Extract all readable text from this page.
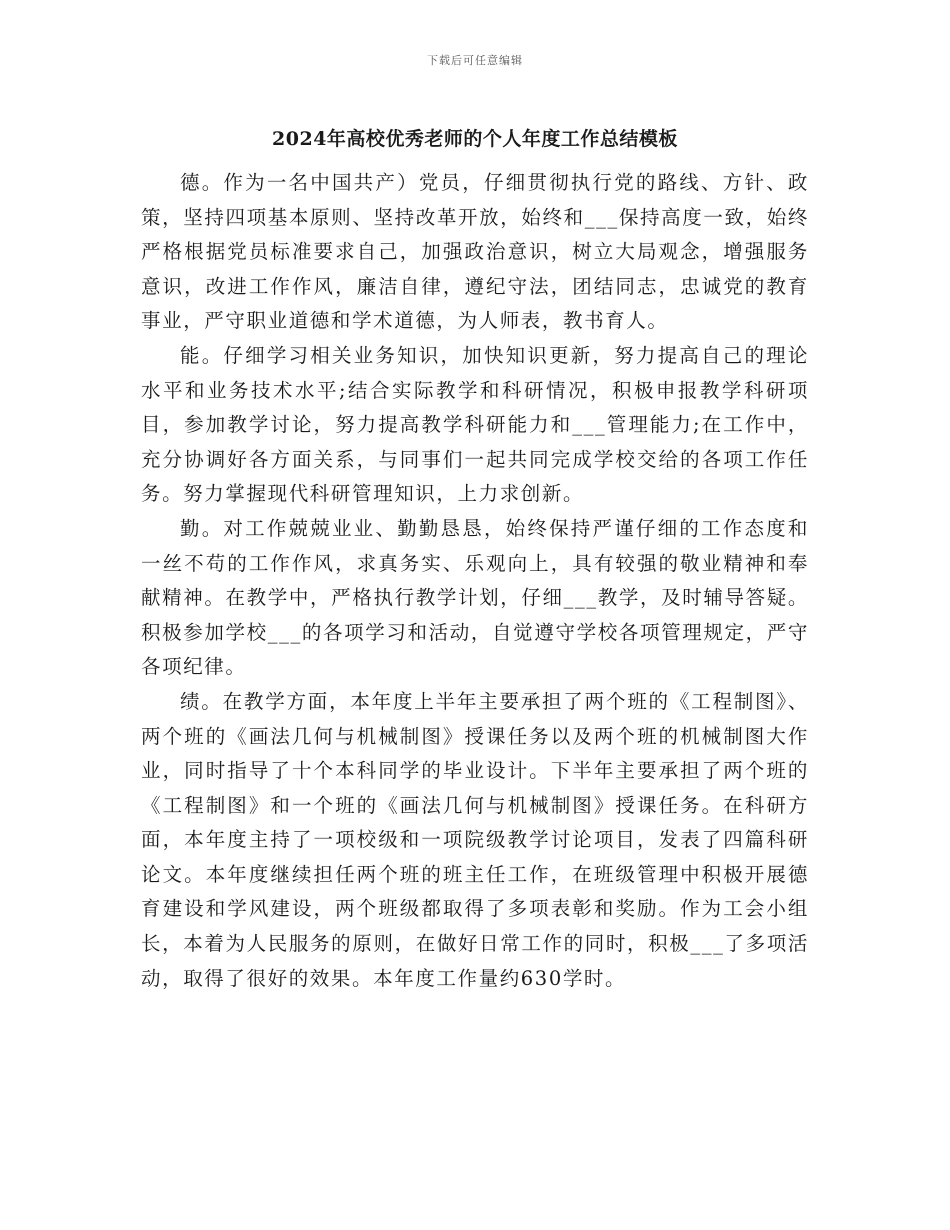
下载后可任意编辑
2024年高校优秀老师的个人年度工作总结模板

德。作为一名中国共产）党员，仔细贯彻执行党的路线、方针、政策，坚持四项基本原则、坚持改革开放，始终和___保持高度一致，始终严格根据党员标准要求自己，加强政治意识，树立大局观念，增强服务意识，改进工作作风，廉洁自律，遵纪守法，团结同志，忠诚党的教育事业，严守职业道德和学术道德，为人师表，教书育人。

能。仔细学习相关业务知识，加快知识更新，努力提高自己的理论水平和业务技术水平;结合实际教学和科研情况，积极申报教学科研项目，参加教学讨论，努力提高教学科研能力和___管理能力;在工作中，充分协调好各方面关系，与同事们一起共同完成学校交给的各项工作任务。努力掌握现代科研管理知识，上力求创新。

勤。对工作兢兢业业、勤勤恳恳，始终保持严谨仔细的工作态度和一丝不苟的工作作风，求真务实、乐观向上，具有较强的敬业精神和奉献精神。在教学中，严格执行教学计划，仔细___教学，及时辅导答疑。积极参加学校___的各项学习和活动，自觉遵守学校各项管理规定，严守各项纪律。

绩。在教学方面，本年度上半年主要承担了两个班的《工程制图》、两个班的《画法几何与机械制图》授课任务以及两个班的机械制图大作业，同时指导了十个本科同学的毕业设计。下半年主要承担了两个班的《工程制图》和一个班的《画法几何与机械制图》授课任务。在科研方面，本年度主持了一项校级和一项院级教学讨论项目，发表了四篇科研论文。本年度继续担任两个班的班主任工作，在班级管理中积极开展德育建设和学风建设，两个班级都取得了多项表彰和奖励。作为工会小组长，本着为人民服务的原则，在做好日常工作的同时，积极___了多项活动，取得了很好的效果。本年度工作量约630学时。
